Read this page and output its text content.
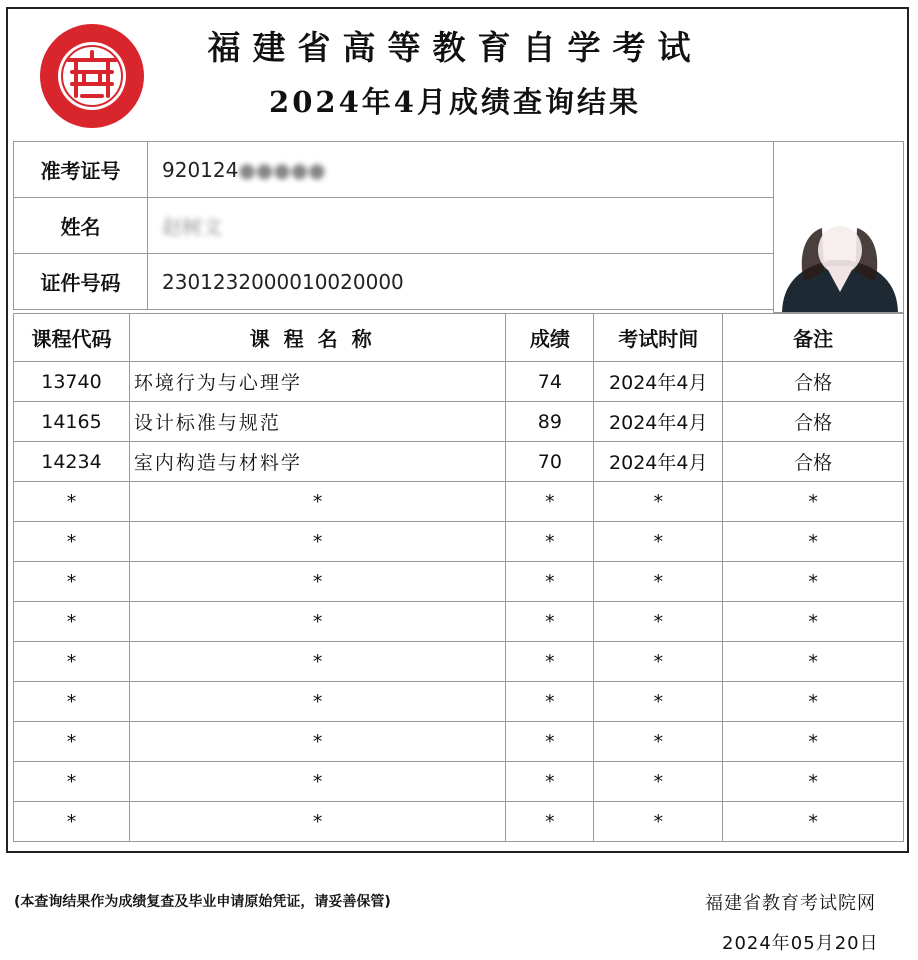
福建省高等教育自学考试
2024年4月成绩查询结果
准考证号	920124●●●●●
姓名	赵树文
证件号码	2301232000010020000
课程代码	课程名称	成绩	考试时间	备注
13740	环境行为与心理学	74	2024年4月	合格
14165	设计标准与规范	89	2024年4月	合格
14234	室内构造与材料学	70	2024年4月	合格
*	*	*	*	*
*	*	*	*	*
*	*	*	*	*
*	*	*	*	*
*	*	*	*	*
*	*	*	*	*
*	*	*	*	*
*	*	*	*	*
*	*	*	*	*
(本查询结果作为成绩复查及毕业申请原始凭证，请妥善保管)	福建省教育考试院网
2024年05月20日
